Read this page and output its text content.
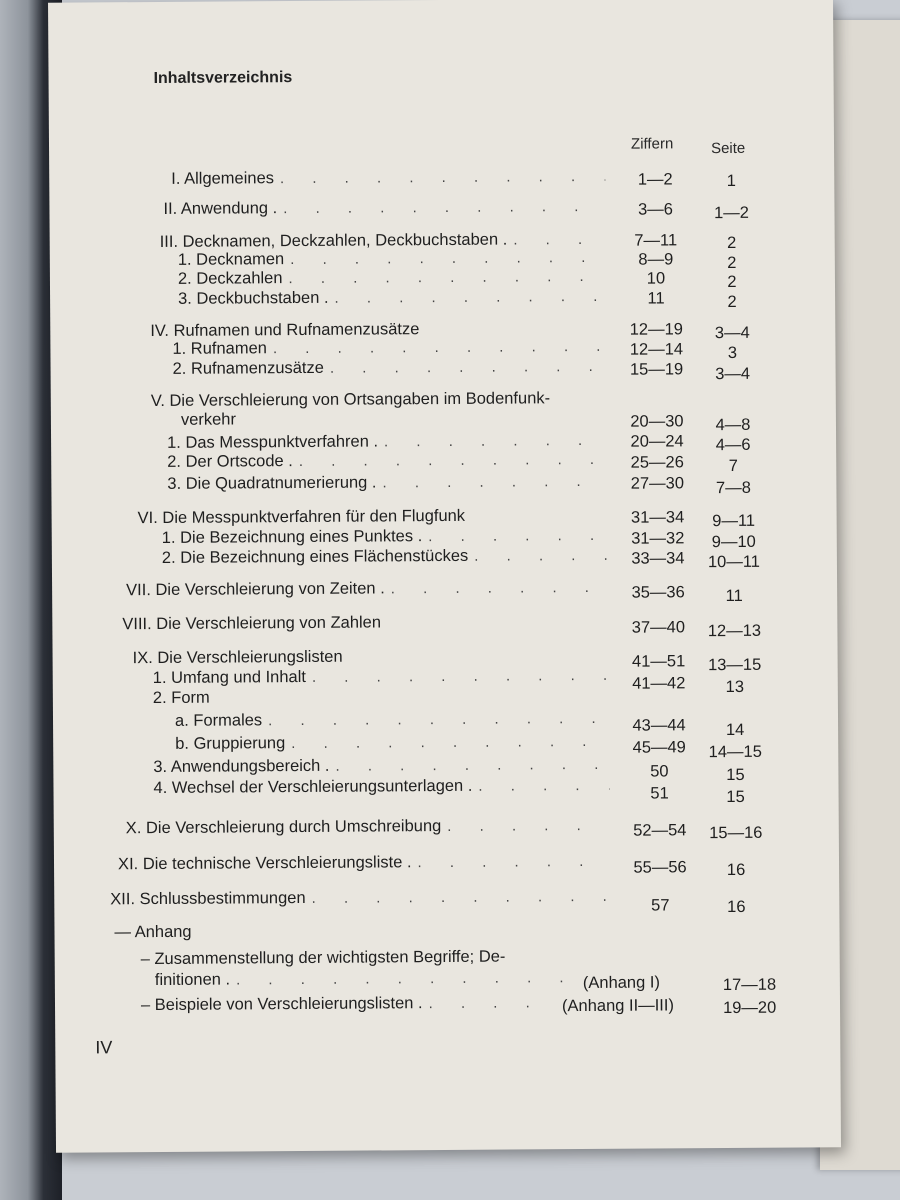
Inhaltsverzeichnis
Ziffern	Seite
I. Allgemeines . . .	1—2	1
II. Anwendung . . . .	3—6	1—2
III. Decknamen, Deckzahlen, Deckbuchstaben . . . .	7—11	2
1. Decknamen . . .	8—9	2
2. Deckzahlen . . .	10	2
3. Deckbuchstaben . . . .	11	2
IV. Rufnamen und Rufnamenzusätze	12—19	3—4
1. Rufnamen . . .	12—14	3
2. Rufnamenzusätze . . .	15—19	3—4
V. Die Verschleierung von Ortsangaben im Bodenfunk-
verkehr	20—30	4—8
1. Das Messpunktverfahren . . . .	20—24	4—6
2. Der Ortscode . . . .	25—26	7
3. Die Quadratnumerierung . . . .	27—30	7—8
VI. Die Messpunktverfahren für den Flugfunk	31—34	9—11
1. Die Bezeichnung eines Punktes . . . .	31—32	9—10
2. Die Bezeichnung eines Flächenstückes . . .	33—34	10—11
VII. Die Verschleierung von Zeiten . . . .	35—36	11
VIII. Die Verschleierung von Zahlen	37—40	12—13
IX. Die Verschleierungslisten	41—51	13—15
1. Umfang und Inhalt . . .	41—42	13
2. Form
a. Formales . . .	43—44	14
b. Gruppierung . . .	45—49	14—15
3. Anwendungsbereich . . . .	50	15
4. Wechsel der Verschleierungsunterlagen . . . .	51	15
X. Die Verschleierung durch Umschreibung . . .	52—54	15—16
XI. Die technische Verschleierungsliste . . . .	55—56	16
XII. Schlussbestimmungen . . .	57	16
— Anhang
– Zusammenstellung der wichtigsten Begriffe; De-
finitionen . . . .	(Anhang I)	17—18
– Beispiele von Verschleierungslisten . . . .	(Anhang II—III)	19—20
IV
